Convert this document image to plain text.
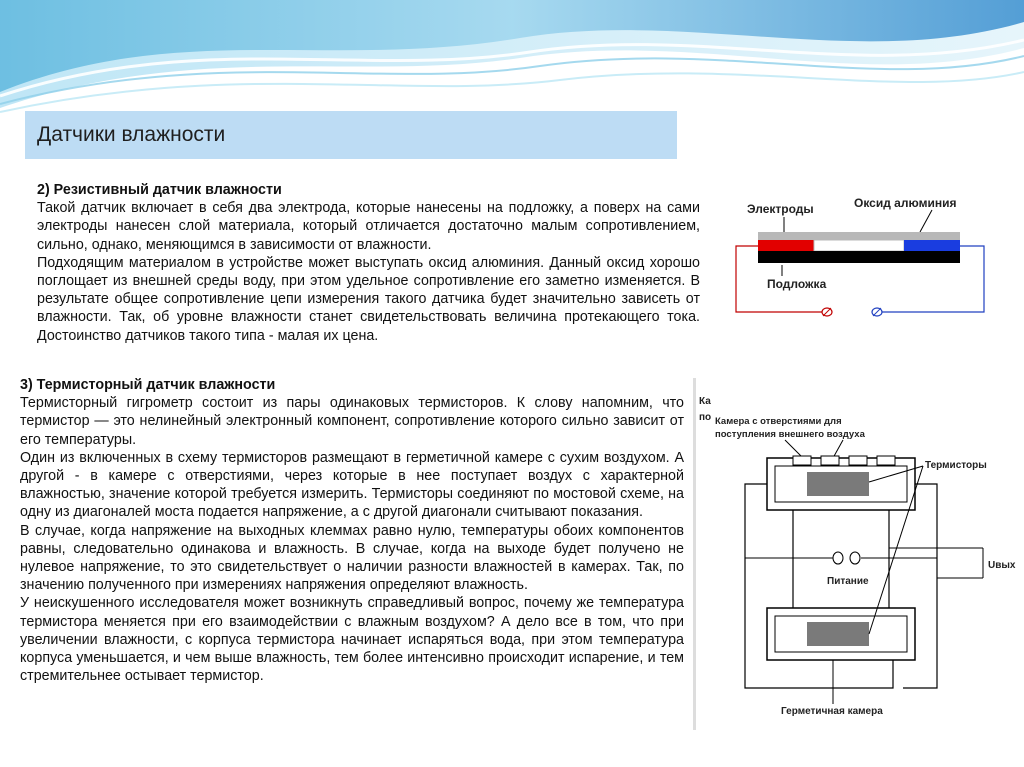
Датчики влажности

2) Резистивный датчик влажности

Такой датчик включает в себя два электрода, которые нанесены на подложку, а поверх на сами электроды нанесен слой материала, который отличается достаточно малым сопротивлением, сильно, однако, меняющимся в зависимости от влажности.

Подходящим материалом в устройстве может выступать оксид алюминия. Данный оксид хорошо поглощает из внешней среды воду, при этом удельное сопротивление его заметно изменяется. В результате общее сопротивление цепи измерения такого датчика будет значительно зависеть от влажности. Так, об уровне влажности станет свидетельствовать величина протекающего тока. Достоинство датчиков такого типа - малая их цена.

Электроды	Оксид алюминия
Подложка

3) Термисторный датчик влажности

Термисторный гигрометр состоит из пары одинаковых термисторов. К слову напомним, что термистор — это нелинейный электронный компонент, сопротивление которого сильно зависит от его температуры.

Один из включенных в схему термисторов размещают в герметичной камере с сухим воздухом. А другой - в камере с отверстиями, через которые в нее поступает воздух с характерной влажностью, значение которой требуется измерить. Термисторы соединяют по мостовой схеме, на одну из диагоналей моста подается напряжение, а с другой диагонали считывают показания.

В случае, когда напряжение на выходных клеммах равно нулю, температуры обоих компонентов равны, следовательно одинакова и влажность. В случае, когда на выходе будет получено не нулевое напряжение, то это свидетельствует о наличии разности влажностей в камерах. Так, по значению полученного при измерениях напряжения определяют влажность.

У неискушенного исследователя может возникнуть справедливый вопрос, почему же температура термистора меняется при его взаимодействии с влажным воздухом? А дело все в том, что при увеличении влажности, с корпуса термистора начинает испаряться вода, при этом температура корпуса уменьшается, и чем выше влажность, тем более интенсивно происходит испарение, и тем стремительнее остывает термистор.

Ка
по Камера с отверстиями для
поступления внешнего воздуха
Термисторы
Питание
Uвых
Герметичная камера
